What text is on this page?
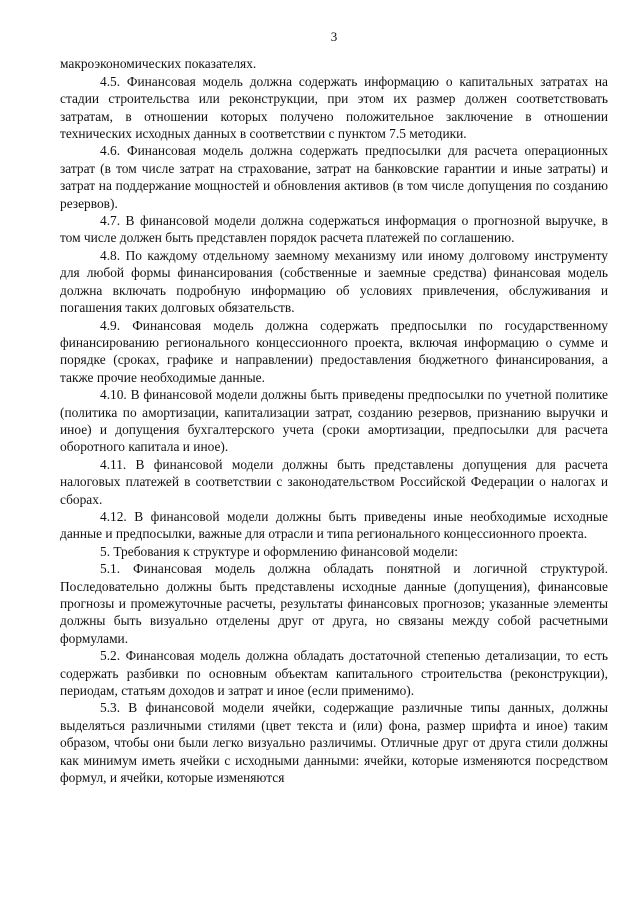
3

макроэкономических показателях.

4.5. Финансовая модель должна содержать информацию о капитальных затратах на стадии строительства или реконструкции, при этом их размер должен соответствовать затратам, в отношении которых получено положительное заключение в отношении технических исходных данных в соответствии с пунктом 7.5 методики.

4.6. Финансовая модель должна содержать предпосылки для расчета операционных затрат (в том числе затрат на страхование, затрат на банковские гарантии и иные затраты) и затрат на поддержание мощностей и обновления активов (в том числе допущения по созданию резервов).

4.7. В финансовой модели должна содержаться информация о прогнозной выручке, в том числе должен быть представлен порядок расчета платежей по соглашению.

4.8. По каждому отдельному заемному механизму или иному долговому инструменту для любой формы финансирования (собственные и заемные средства) финансовая модель должна включать подробную информацию об условиях привлечения, обслуживания и погашения таких долговых обязательств.

4.9. Финансовая модель должна содержать предпосылки по государственному финансированию регионального концессионного проекта, включая информацию о сумме и порядке (сроках, графике и направлении) предоставления бюджетного финансирования, а также прочие необходимые данные.

4.10. В финансовой модели должны быть приведены предпосылки по учетной политике (политика по амортизации, капитализации затрат, созданию резервов, признанию выручки и иное) и допущения бухгалтерского учета (сроки амортизации, предпосылки для расчета оборотного капитала и иное).

4.11. В финансовой модели должны быть представлены допущения для расчета налоговых платежей в соответствии с законодательством Российской Федерации о налогах и сборах.

4.12. В финансовой модели должны быть приведены иные необходимые исходные данные и предпосылки, важные для отрасли и типа регионального концессионного проекта.

5. Требования к структуре и оформлению финансовой модели:

5.1. Финансовая модель должна обладать понятной и логичной структурой. Последовательно должны быть представлены исходные данные (допущения), финансовые прогнозы и промежуточные расчеты, результаты финансовых прогнозов; указанные элементы должны быть визуально отделены друг от друга, но связаны между собой расчетными формулами.

5.2. Финансовая модель должна обладать достаточной степенью детализации, то есть содержать разбивки по основным объектам капитального строительства (реконструкции), периодам, статьям доходов и затрат и иное (если применимо).

5.3. В финансовой модели ячейки, содержащие различные типы данных, должны выделяться различными стилями (цвет текста и (или) фона, размер шрифта и иное) таким образом, чтобы они были легко визуально различимы. Отличные друг от друга стили должны как минимум иметь ячейки с исходными данными: ячейки, которые изменяются посредством формул, и ячейки, которые изменяются
